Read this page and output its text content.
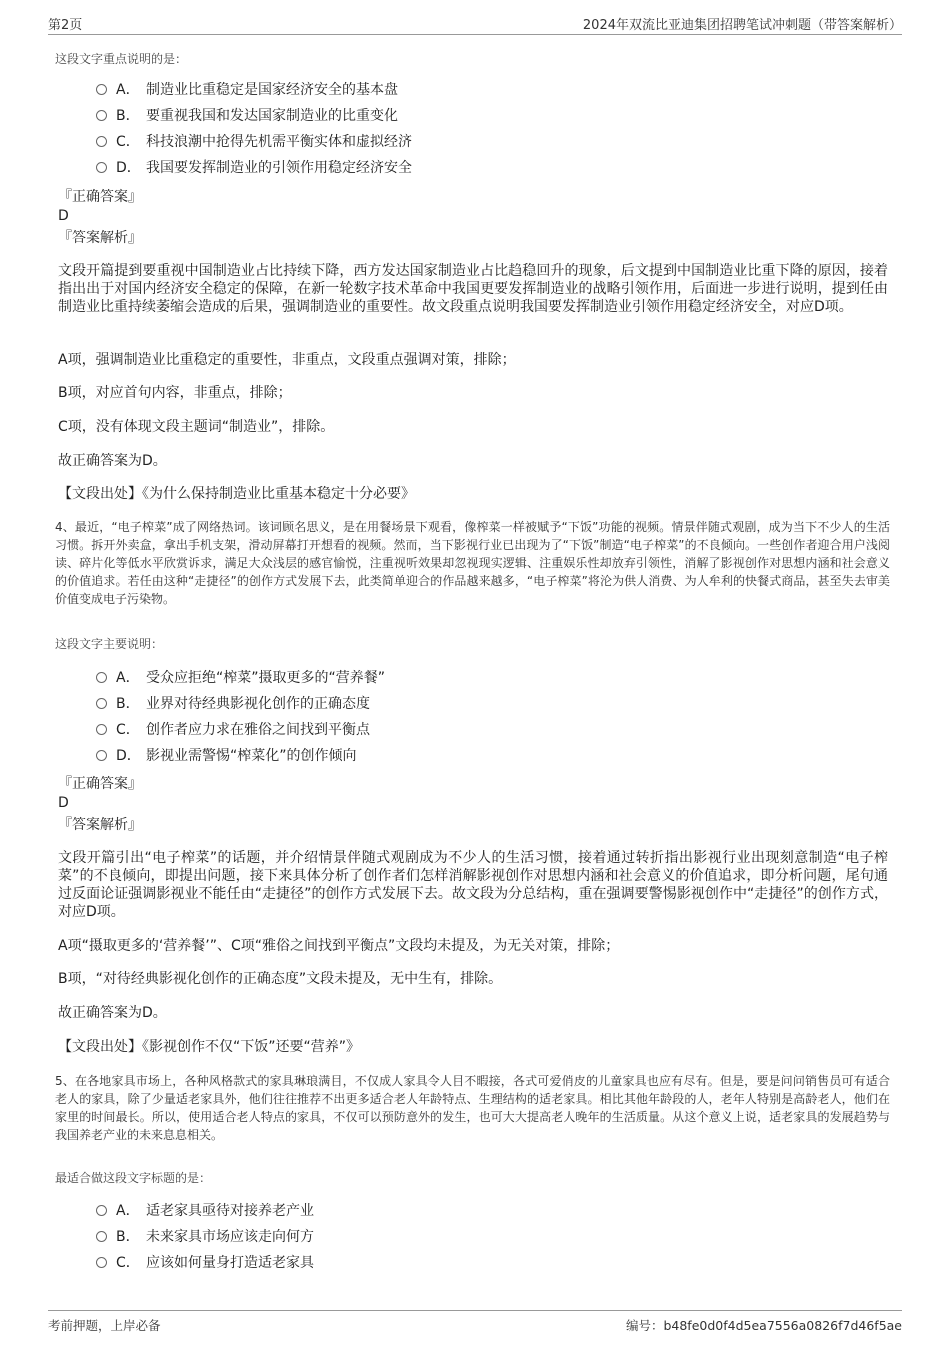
第2页	2024年双流比亚迪集团招聘笔试冲刺题（带答案解析）
这段文字重点说明的是：
A． 制造业比重稳定是国家经济安全的基本盘
B． 要重视我国和发达国家制造业的比重变化
C． 科技浪潮中抢得先机需平衡实体和虚拟经济
D． 我国要发挥制造业的引领作用稳定经济安全
『正确答案』
D
『答案解析』
文段开篇提到要重视中国制造业占比持续下降，西方发达国家制造业占比趋稳回升的现象，后文提到中国制造业比重下降的原因，接着指出出于对国内经济安全稳定的保障，在新一轮数字技术革命中我国更要发挥制造业的战略引领作用，后面进一步进行说明，提到任由制造业比重持续萎缩会造成的后果，强调制造业的重要性。故文段重点说明我国要发挥制造业引领作用稳定经济安全，对应D项。
A项，强调制造业比重稳定的重要性，非重点，文段重点强调对策，排除；
B项，对应首句内容，非重点，排除；
C项，没有体现文段主题词“制造业”，排除。
故正确答案为D。
【文段出处】《为什么保持制造业比重基本稳定十分必要》
4、最近，“电子榨菜”成了网络热词。该词顾名思义，是在用餐场景下观看，像榨菜一样被赋予“下饭”功能的视频。情景伴随式观剧，成为当下不少人的生活习惯。拆开外卖盒，拿出手机支架，滑动屏幕打开想看的视频。然而，当下影视行业已出现为了“下饭”制造“电子榨菜”的不良倾向。一些创作者迎合用户浅阅读、碎片化等低水平欣赏诉求，满足大众浅层的感官愉悦，注重视听效果却忽视现实逻辑、注重娱乐性却放弃引领性，消解了影视创作对思想内涵和社会意义的价值追求。若任由这种“走捷径”的创作方式发展下去，此类简单迎合的作品越来越多，“电子榨菜”将沦为供人消费、为人牟利的快餐式商品，甚至失去审美价值变成电子污染物。
这段文字主要说明：
A． 受众应拒绝“榨菜”摄取更多的“营养餐”
B． 业界对待经典影视化创作的正确态度
C． 创作者应力求在雅俗之间找到平衡点
D． 影视业需警惕“榨菜化”的创作倾向
『正确答案』
D
『答案解析』
文段开篇引出“电子榨菜”的话题，并介绍情景伴随式观剧成为不少人的生活习惯，接着通过转折指出影视行业出现刻意制造“电子榨菜”的不良倾向，即提出问题，接下来具体分析了创作者们怎样消解影视创作对思想内涵和社会意义的价值追求，即分析问题，尾句通过反面论证强调影视业不能任由“走捷径”的创作方式发展下去。故文段为分总结构，重在强调要警惕影视创作中“走捷径”的创作方式，对应D项。
A项“摄取更多的‘营养餐’”、C项“雅俗之间找到平衡点”文段均未提及，为无关对策，排除；
B项，“对待经典影视化创作的正确态度”文段未提及，无中生有，排除。
故正确答案为D。
【文段出处】《影视创作不仅“下饭”还要“营养”》
5、在各地家具市场上，各种风格款式的家具琳琅满目，不仅成人家具令人目不暇接，各式可爱俏皮的儿童家具也应有尽有。但是，要是问问销售员可有适合老人的家具，除了少量适老家具外，他们往往推荐不出更多适合老人年龄特点、生理结构的适老家具。相比其他年龄段的人，老年人特别是高龄老人，他们在家里的时间最长。所以，使用适合老人特点的家具，不仅可以预防意外的发生，也可大大提高老人晚年的生活质量。从这个意义上说，适老家具的发展趋势与我国养老产业的未来息息相关。
最适合做这段文字标题的是：
A． 适老家具亟待对接养老产业
B． 未来家具市场应该走向何方
C． 应该如何量身打造适老家具
考前押题，上岸必备	编号：b48fe0d0f4d5ea7556a0826f7d46f5ae
